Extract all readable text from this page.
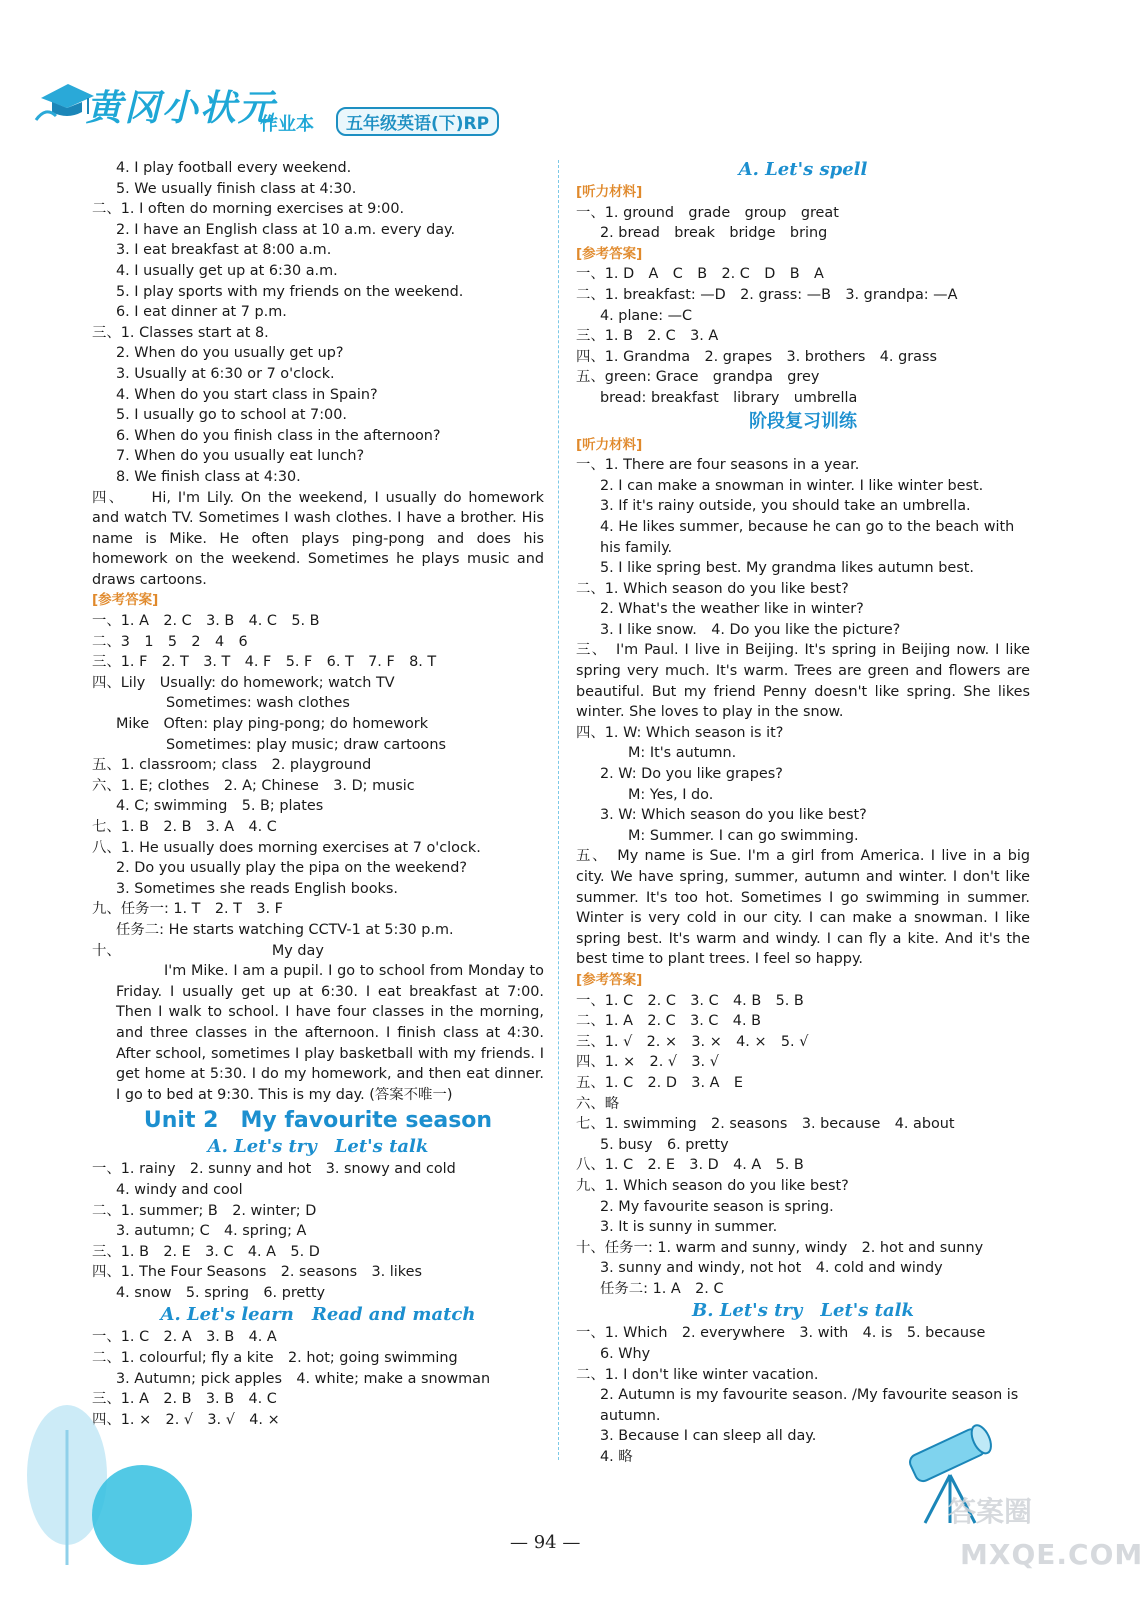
黄冈小状元
作业本	五年级英语(下)RP
4. I play football every weekend.
5. We usually finish class at 4:30.
二、1. I often do morning exercises at 9:00.
2. I have an English class at 10 a.m. every day.
3. I eat breakfast at 8:00 a.m.
4. I usually get up at 6:30 a.m.
5. I play sports with my friends on the weekend.
6. I eat dinner at 7 p.m.
三、1. Classes start at 8.
2. When do you usually get up?
3. Usually at 6:30 or 7 o'clock.
4. When do you start class in Spain?
5. I usually go to school at 7:00.
6. When do you finish class in the afternoon?
7. When do you usually eat lunch?
8. We finish class at 4:30.
四、　　Hi, I'm Lily. On the weekend, I usually do homework and watch TV. Sometimes I wash clothes. I have a brother. His name is Mike. He often plays ping-pong and does his homework on the weekend. Sometimes he plays music and draws cartoons.
[参考答案]
一、1. A　2. C　3. B　4. C　5. B
二、3　1　5　2　4　6
三、1. F　2. T　3. T　4. F　5. F　6. T　7. F　8. T
四、Lily　Usually: do homework; watch TV
Sometimes: wash clothes
Mike　Often: play ping-pong; do homework
Sometimes: play music; draw cartoons
五、1. classroom; class　2. playground
六、1. E; clothes　2. A; Chinese　3. D; music
4. C; swimming　5. B; plates
七、1. B　2. B　3. A　4. C
八、1. He usually does morning exercises at 7 o'clock.
2. Do you usually play the pipa on the weekend?
3. Sometimes she reads English books.
九、任务一: 1. T　2. T　3. F
任务二: He starts watching CCTV-1 at 5:30 p.m.
十、　　　　　　　　　　　My day
I'm Mike. I am a pupil. I go to school from Monday to Friday. I usually get up at 6:30. I eat breakfast at 7:00. Then I walk to school. I have four classes in the morning, and three classes in the afternoon. I finish class at 4:30. After school, sometimes I play basketball with my friends. I get home at 5:30. I do my homework, and then eat dinner. I go to bed at 9:30. This is my day. (答案不唯一)
Unit 2　My favourite season
A. Let's try　Let's talk
一、1. rainy　2. sunny and hot　3. snowy and cold
4. windy and cool
二、1. summer; B　2. winter; D
3. autumn; C　4. spring; A
三、1. B　2. E　3. C　4. A　5. D
四、1. The Four Seasons　2. seasons　3. likes
4. snow　5. spring　6. pretty
A. Let's learn　Read and match
一、1. C　2. A　3. B　4. A
二、1. colourful; fly a kite　2. hot; going swimming
3. Autumn; pick apples　4. white; make a snowman
三、1. A　2. B　3. B　4. C
四、1. ×　2. √　3. √　4. ×
A. Let's spell
[听力材料]
一、1. ground　grade　group　great
2. bread　break　bridge　bring
[参考答案]
一、1. D　A　C　B　2. C　D　B　A
二、1. breakfast: —D　2. grass: —B　3. grandpa: —A
4. plane: —C
三、1. B　2. C　3. A
四、1. Grandma　2. grapes　3. brothers　4. grass
五、green: Grace　grandpa　grey
bread: breakfast　library　umbrella
阶段复习训练
[听力材料]
一、1. There are four seasons in a year.
2. I can make a snowman in winter. I like winter best.
3. If it's rainy outside, you should take an umbrella.
4. He likes summer, because he can go to the beach with his family.
5. I like spring best. My grandma likes autumn best.
二、1. Which season do you like best?
2. What's the weather like in winter?
3. I like snow.　4. Do you like the picture?
三、　I'm Paul. I live in Beijing. It's spring in Beijing now. I like spring very much. It's warm. Trees are green and flowers are beautiful. But my friend Penny doesn't like spring. She likes winter. She loves to play in the snow.
四、1. W: Which season is it?
M: It's autumn.
2. W: Do you like grapes?
M: Yes, I do.
3. W: Which season do you like best?
M: Summer. I can go swimming.
五、　My name is Sue. I'm a girl from America. I live in a big city. We have spring, summer, autumn and winter. I don't like summer. It's too hot. Sometimes I go swimming in summer. Winter is very cold in our city. I can make a snowman. I like spring best. It's warm and windy. I can fly a kite. And it's the best time to plant trees. I feel so happy.
[参考答案]
一、1. C　2. C　3. C　4. B　5. B
二、1. A　2. C　3. C　4. B
三、1. √　2. ×　3. ×　4. ×　5. √
四、1. ×　2. √　3. √
五、1. C　2. D　3. A　E
六、略
七、1. swimming　2. seasons　3. because　4. about
5. busy　6. pretty
八、1. C　2. E　3. D　4. A　5. B
九、1. Which season do you like best?
2. My favourite season is spring.
3. It is sunny in summer.
十、任务一: 1. warm and sunny, windy　2. hot and sunny
3. sunny and windy, not hot　4. cold and windy
任务二: 1. A　2. C
B. Let's try　Let's talk
一、1. Which　2. everywhere　3. with　4. is　5. because
6. Why
二、1. I don't like winter vacation.
2. Autumn is my favourite season. /My favourite season is autumn.
3. Because I can sleep all day.
4. 略
答案圈
MXQE.COM
— 94 —
